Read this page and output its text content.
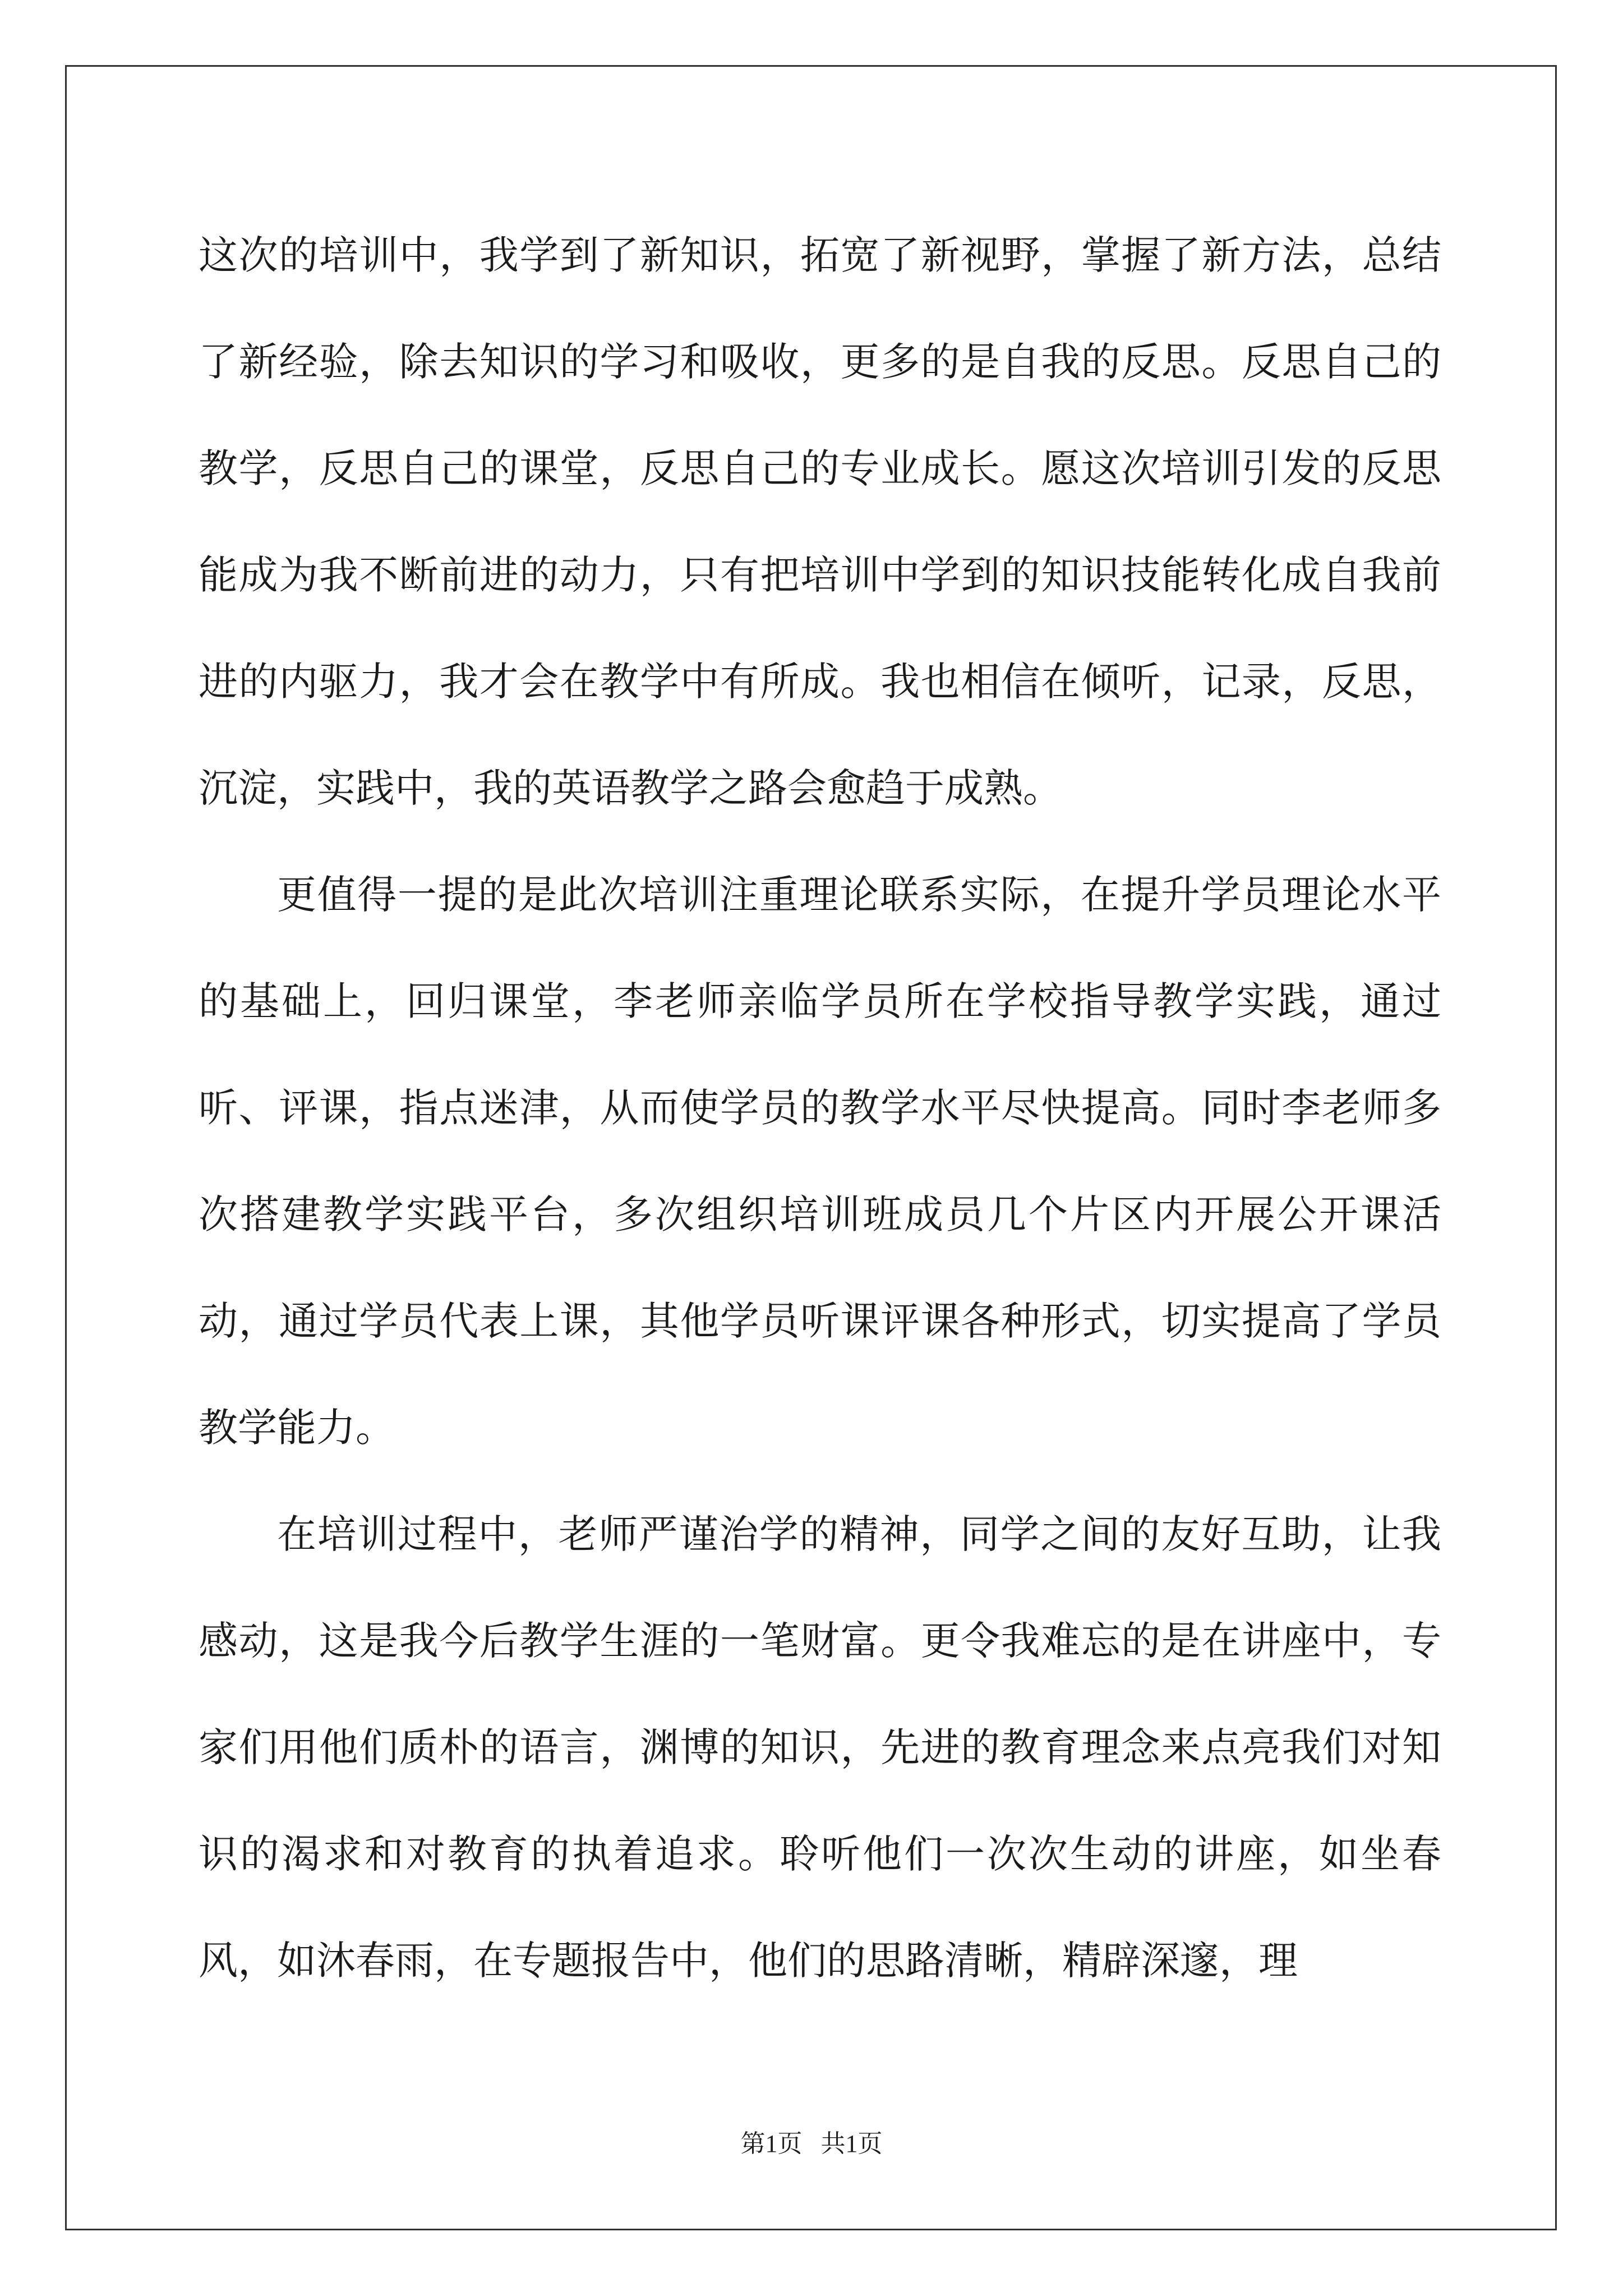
这次的培训中，我学到了新知识，拓宽了新视野，掌握了新方法，总结了新经验，除去知识的学习和吸收，更多的是自我的反思。反思自己的教学，反思自己的课堂，反思自己的专业成长。愿这次培训引发的反思能成为我不断前进的动力，只有把培训中学到的知识技能转化成自我前进的内驱力，我才会在教学中有所成。我也相信在倾听，记录，反思，沉淀，实践中，我的英语教学之路会愈趋于成熟。

更值得一提的是此次培训注重理论联系实际，在提升学员理论水平的基础上，回归课堂，李老师亲临学员所在学校指导教学实践，通过听、评课，指点迷津，从而使学员的教学水平尽快提高。同时李老师多次搭建教学实践平台，多次组织培训班成员几个片区内开展公开课活动，通过学员代表上课，其他学员听课评课各种形式，切实提高了学员教学能力。

在培训过程中，老师严谨治学的精神，同学之间的友好互助，让我感动，这是我今后教学生涯的一笔财富。更令我难忘的是在讲座中，专家们用他们质朴的语言，渊博的知识，先进的教育理念来点亮我们对知识的渴求和对教育的执着追求。聆听他们一次次生动的讲座，如坐春风，如沐春雨，在专题报告中，他们的思路清晰，精辟深邃，理

第1页   共1页
